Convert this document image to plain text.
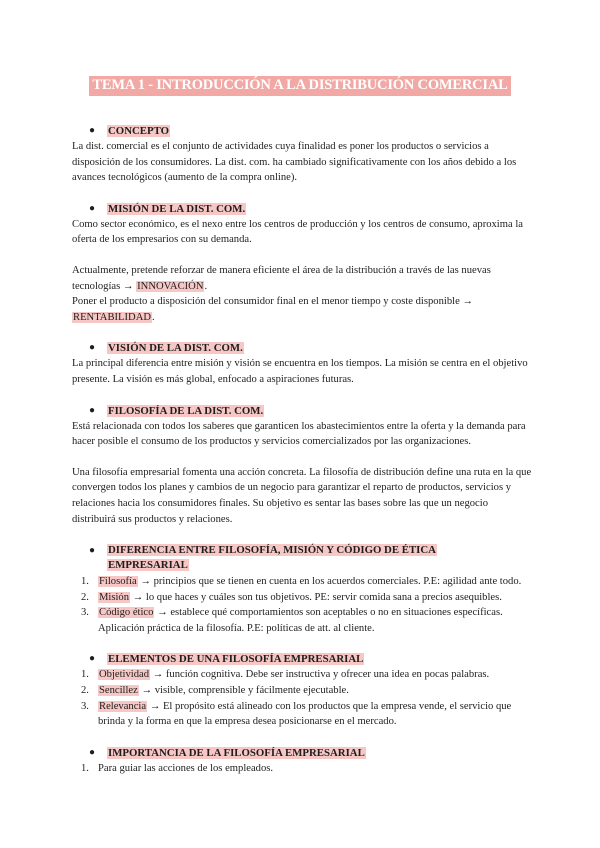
TEMA 1 - INTRODUCCIÓN A LA DISTRIBUCIÓN COMERCIAL
● CONCEPTO

La dist. comercial es el conjunto de actividades cuya finalidad es poner los productos o servicios a disposición de los consumidores. La dist. com. ha cambiado significativamente con los años debido a los avances tecnológicos (aumento de la compra online).

● MISIÓN DE LA DIST. COM.

Como sector económico, es el nexo entre los centros de producción y los centros de consumo, aproxima la oferta de los empresarios con su demanda.

Actualmente, pretende reforzar de manera eficiente el área de la distribución a través de las nuevas tecnologías → INNOVACIÓN.

Poner el producto a disposición del consumidor final en el menor tiempo y coste disponible → RENTABILIDAD.

● VISIÓN DE LA DIST. COM.

La principal diferencia entre misión y visión se encuentra en los tiempos. La misión se centra en el objetivo presente. La visión es más global, enfocado a aspiraciones futuras.

● FILOSOFÍA DE LA DIST. COM.

Está relacionada con todos los saberes que garanticen los abastecimientos entre la oferta y la demanda para hacer posible el consumo de los productos y servicios comercializados por las organizaciones.

Una filosofía empresarial fomenta una acción concreta. La filosofía de distribución define una ruta en la que convergen todos los planes y cambios de un negocio para garantizar el reparto de productos, servicios y relaciones hacia los consumidores finales. Su objetivo es sentar las bases sobre las que un negocio distribuirá sus productos y relaciones.

● DIFERENCIA ENTRE FILOSOFÍA, MISIÓN Y CÓDIGO DE ÉTICA
EMPRESARIAL
1. Filosofía → principios que se tienen en cuenta en los acuerdos comerciales. P.E: agilidad ante todo.
2. Misión → lo que haces y cuáles son tus objetivos. PE: servir comida sana a precios asequibles.
3. Código ético → establece qué comportamientos son aceptables o no en situaciones específicas. Aplicación práctica de la filosofía. P.E: políticas de att. al cliente.
● ELEMENTOS DE UNA FILOSOFÍA EMPRESARIAL
1. Objetividad → función cognitiva. Debe ser instructiva y ofrecer una idea en pocas palabras.
2. Sencillez → visible, comprensible y fácilmente ejecutable.
3. Relevancia → El propósito está alineado con los productos que la empresa vende, el servicio que brinda y la forma en que la empresa desea posicionarse en el mercado.
● IMPORTANCIA DE LA FILOSOFÍA EMPRESARIAL
1. Para guiar las acciones de los empleados.
